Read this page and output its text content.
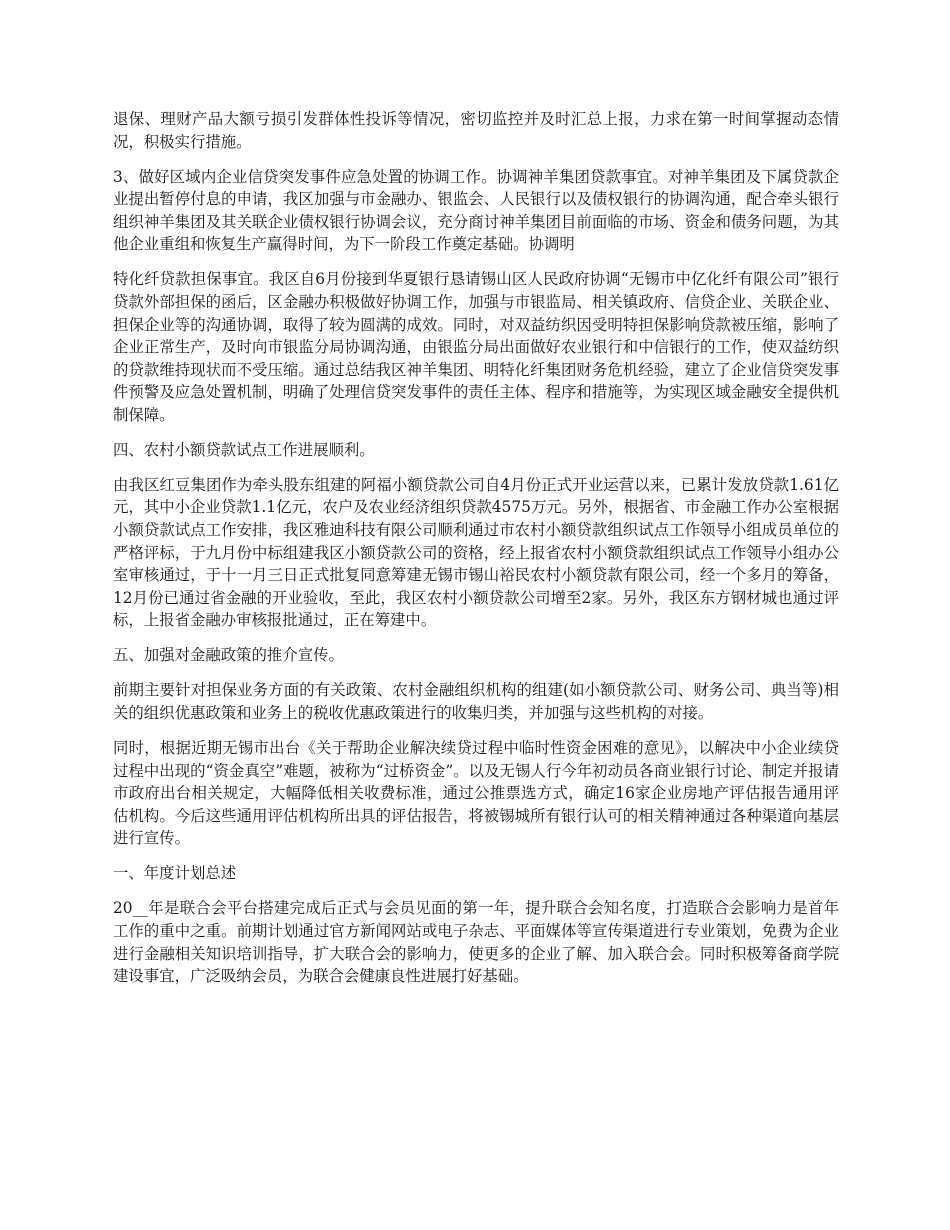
退保、理财产品大额亏损引发群体性投诉等情况，密切监控并及时汇总上报，力求在第一时间掌握动态情况，积极实行措施。

3、做好区域内企业信贷突发事件应急处置的协调工作。协调神羊集团贷款事宜。对神羊集团及下属贷款企业提出暂停付息的申请，我区加强与市金融办、银监会、人民银行以及债权银行的协调沟通，配合牵头银行组织神羊集团及其关联企业债权银行协调会议，充分商讨神羊集团目前面临的市场、资金和债务问题，为其他企业重组和恢复生产赢得时间，为下一阶段工作奠定基础。协调明

特化纤贷款担保事宜。我区自6月份接到华夏银行恳请锡山区人民政府协调“无锡市中亿化纤有限公司”银行贷款外部担保的函后，区金融办积极做好协调工作，加强与市银监局、相关镇政府、信贷企业、关联企业、担保企业等的沟通协调，取得了较为圆满的成效。同时，对双益纺织因受明特担保影响贷款被压缩，影响了企业正常生产，及时向市银监分局协调沟通，由银监分局出面做好农业银行和中信银行的工作，使双益纺织的贷款维持现状而不受压缩。通过总结我区神羊集团、明特化纤集团财务危机经验，建立了企业信贷突发事件预警及应急处置机制，明确了处理信贷突发事件的责任主体、程序和措施等，为实现区域金融安全提供机制保障。

四、农村小额贷款试点工作进展顺利。

由我区红豆集团作为牵头股东组建的阿福小额贷款公司自4月份正式开业运营以来，已累计发放贷款1.61亿元，其中小企业贷款1.1亿元，农户及农业经济组织贷款4575万元。另外，根据省、市金融工作办公室根据小额贷款试点工作安排，我区雅迪科技有限公司顺利通过市农村小额贷款组织试点工作领导小组成员单位的严格评标，于九月份中标组建我区小额贷款公司的资格，经上报省农村小额贷款组织试点工作领导小组办公室审核通过，于十一月三日正式批复同意筹建无锡市锡山裕民农村小额贷款有限公司，经一个多月的筹备，12月份已通过省金融的开业验收，至此，我区农村小额贷款公司增至2家。另外，我区东方钢材城也通过评标，上报省金融办审核报批通过，正在筹建中。

五、加强对金融政策的推介宣传。

前期主要针对担保业务方面的有关政策、农村金融组织机构的组建(如小额贷款公司、财务公司、典当等)相关的组织优惠政策和业务上的税收优惠政策进行的收集归类，并加强与这些机构的对接。

同时，根据近期无锡市出台《关于帮助企业解决续贷过程中临时性资金困难的意见》，以解决中小企业续贷过程中出现的“资金真空”难题，被称为“过桥资金”。以及无锡人行今年初动员各商业银行讨论、制定并报请市政府出台相关规定，大幅降低相关收费标准，通过公推票选方式，确定16家企业房地产评估报告通用评估机构。今后这些通用评估机构所出具的评估报告，将被锡城所有银行认可的相关精神通过各种渠道向基层进行宣传。

一、年度计划总述

20__年是联合会平台搭建完成后正式与会员见面的第一年，提升联合会知名度，打造联合会影响力是首年工作的重中之重。前期计划通过官方新闻网站或电子杂志、平面媒体等宣传渠道进行专业策划，免费为企业进行金融相关知识培训指导，扩大联合会的影响力，使更多的企业了解、加入联合会。同时积极筹备商学院建设事宜，广泛吸纳会员，为联合会健康良性进展打好基础。
